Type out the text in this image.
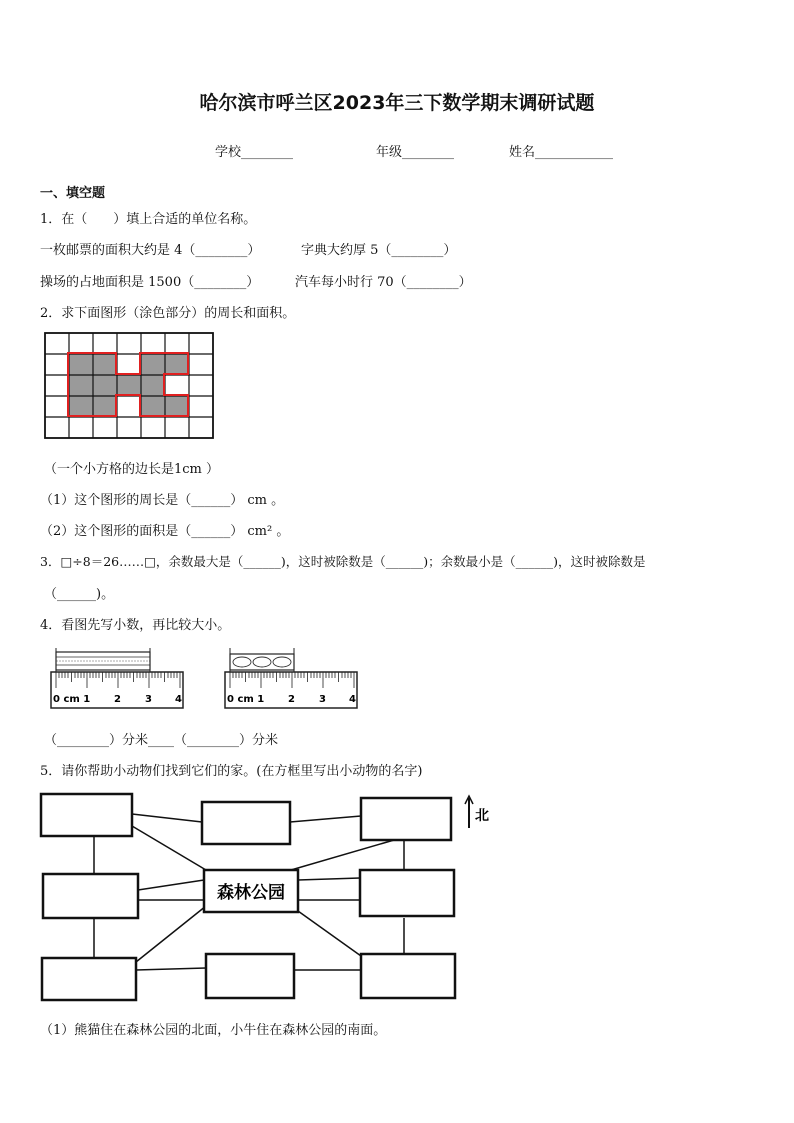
哈尔滨市呼兰区2023年三下数学期末调研试题
学校________	年级________	姓名____________
一、填空题
1．在（　　）填上合适的单位名称。
一枚邮票的面积大约是 4（________）	字典大约厚 5（________）
操场的占地面积是 1500（________）	汽车每小时行 70（________）
2．求下面图形（涂色部分）的周长和面积。
（一个小方格的边长是1cm ）
（1）这个图形的周长是（______） cm 。
（2）这个图形的面积是（______） cm² 。
3．□÷8＝26……□，余数最大是（______)，这时被除数是（______)；余数最小是（______)，这时被除数是
（______)。
4．看图先写小数，再比较大小。
0 cm 1 2 3 4	0 cm 1 2 3 4
（________）分米____（________）分米
5．请你帮助小动物们找到它们的家。(在方框里写出小动物的名字)
森林公园
北
（1）熊猫住在森林公园的北面，小牛住在森林公园的南面。
